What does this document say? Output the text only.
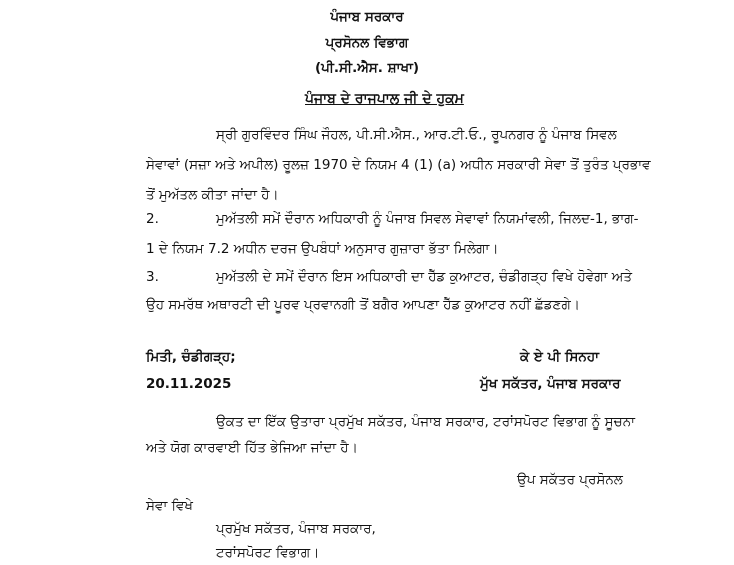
ਪੰਜਾਬ ਸਰਕਾਰ
ਪ੍ਰਸੋਨਲ ਵਿਭਾਗ
(ਪੀ.ਸੀ.ਐਸ. ਸ਼ਾਖਾ)
ਪੰਜਾਬ ਦੇ ਰਾਜਪਾਲ ਜੀ ਦੇ ਹੁਕਮ
ਸ੍ਰੀ ਗੁਰਵਿੰਦਰ ਸਿੰਘ ਜੌਹਲ, ਪੀ.ਸੀ.ਐਸ., ਆਰ.ਟੀ.ਓ., ਰੂਪਨਗਰ ਨੂੰ ਪੰਜਾਬ ਸਿਵਲ
ਸੇਵਾਵਾਂ (ਸਜ਼ਾ ਅਤੇ ਅਪੀਲ) ਰੂਲਜ਼ 1970 ਦੇ ਨਿਯਮ 4 (1) (a) ਅਧੀਨ ਸਰਕਾਰੀ ਸੇਵਾ ਤੋਂ ਤੁਰੰਤ ਪ੍ਰਭਾਵ
ਤੋਂ ਮੁਅੱਤਲ ਕੀਤਾ ਜਾਂਦਾ ਹੈ।
2.	ਮੁਅੱਤਲੀ ਸਮੇਂ ਦੌਰਾਨ ਅਧਿਕਾਰੀ ਨੂੰ ਪੰਜਾਬ ਸਿਵਲ ਸੇਵਾਵਾਂ ਨਿਯਮਾਂਵਲੀ, ਜਿਲਦ-1, ਭਾਗ-
1 ਦੇ ਨਿਯਮ 7.2 ਅਧੀਨ ਦਰਜ ਉਪਬੰਧਾਂ ਅਨੁਸਾਰ ਗੁਜ਼ਾਰਾ ਭੱਤਾ ਮਿਲੇਗਾ।
3.	ਮੁਅੱਤਲੀ ਦੇ ਸਮੇਂ ਦੌਰਾਨ ਇਸ ਅਧਿਕਾਰੀ ਦਾ ਹੈੱਡ ਕੁਆਟਰ, ਚੰਡੀਗੜ੍ਹ ਵਿਖੇ ਹੋਵੇਗਾ ਅਤੇ
ਉਹ ਸਮਰੱਥ ਅਥਾਰਟੀ ਦੀ ਪੂਰਵ ਪ੍ਰਵਾਨਗੀ ਤੋਂ ਬਗੈਰ ਆਪਣਾ ਹੈੱਡ ਕੁਆਟਰ ਨਹੀਂ ਛੱਡਣਗੇ।
ਮਿਤੀ, ਚੰਡੀਗੜ੍ਹ;
20.11.2025
ਕੇ ਏ ਪੀ ਸਿਨਹਾ
ਮੁੱਖ ਸਕੱਤਰ, ਪੰਜਾਬ ਸਰਕਾਰ
ਉਕਤ ਦਾ ਇੱਕ ਉਤਾਰਾ ਪ੍ਰਮੁੱਖ ਸਕੱਤਰ, ਪੰਜਾਬ ਸਰਕਾਰ, ਟਰਾਂਸਪੋਰਟ ਵਿਭਾਗ ਨੂੰ ਸੂਚਨਾ
ਅਤੇ ਯੋਗ ਕਾਰਵਾਈ ਹਿੱਤ ਭੇਜਿਆ ਜਾਂਦਾ ਹੈ।
ਉਪ ਸਕੱਤਰ ਪ੍ਰਸੋਨਲ
ਸੇਵਾ ਵਿਖੇ
ਪ੍ਰਮੁੱਖ ਸਕੱਤਰ, ਪੰਜਾਬ ਸਰਕਾਰ,
ਟਰਾਂਸਪੋਰਟ ਵਿਭਾਗ।
